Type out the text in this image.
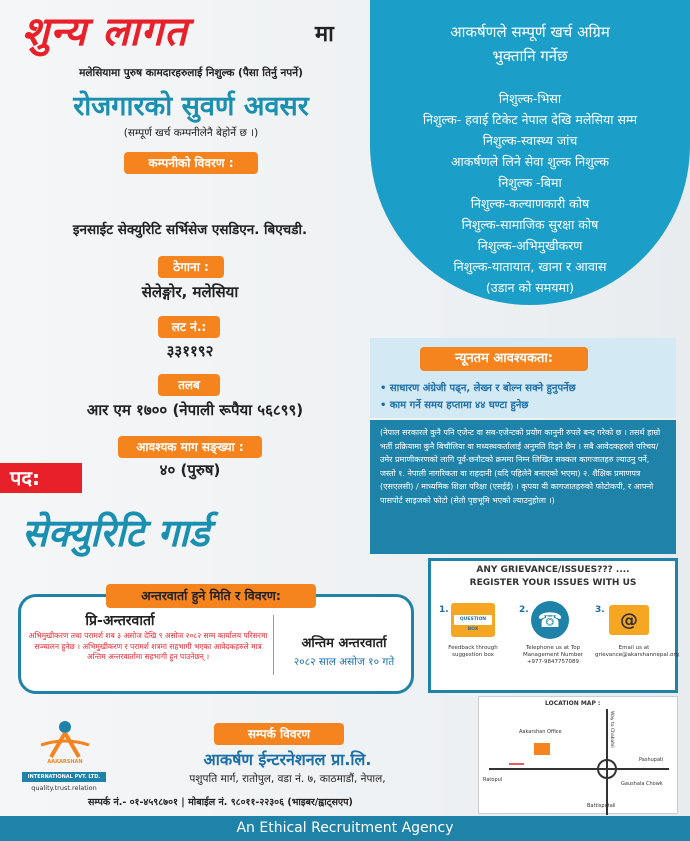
शुन्य लागत	मा
मलेसियामा पुरुष कामदारहरुलाई निशुल्क (पैसा तिर्नु नपर्ने)
रोजगारको सुवर्ण अवसर
(सम्पूर्ण खर्च कम्पनीलेनै बेहोर्ने छ ।)
कम्पनीको विवरण :
इनसाईट सेक्युरिटि सर्भिसेज एसडिएन. बिएचडी.
ठेगाना :
सेलेङ्गोर, मलेसिया
लट नं.:
३३११९२
तलब
आर एम १७०० (नेपाली रूपैया ५६८९९)
आवश्यक माग सङ्ख्या :
४० (पुरुष)
पद:
सेक्युरिटि गार्ड
आकर्षणले सम्पूर्ण खर्च अग्रिम
भुक्तानि गर्नेछ
निशुल्क-भिसा
निशुल्क- हवाई टिकेट नेपाल देखि मलेसिया सम्म
निशुल्क-स्वास्थ्य जांच
आकर्षणले लिने सेवा शुल्क निशुल्क
निशुल्क -बिमा
निशुल्क-कल्याणकारी कोष
निशुल्क-सामाजिक सुरक्षा कोष
निशुल्क-अभिमुखीकरण
निशुल्क-यातायात, खाना र आवास
(उडान को समयमा)
न्यूनतम आवश्यकता:
• साधारण अंग्रेजी पढ्न, लेख्न र बोल्न सक्ने हुनुपर्नेछ
• काम गर्ने समय हप्तामा ४४ घण्टा हुनेछ
(नेपाल सरकारले कुनै पनि एजेन्ट वा सब-एजेन्टको प्रयोग कानुनी रुपले बन्द गरेको छ । तसर्थ हाम्रो भर्ती प्रक्रियामा कुनै बिचौलिया वा मध्यस्थकर्तालाई अनुमति दिइने छैन । सबै आवेदकहरुले परिचय/उमेर प्रमाणीकरणको लागि पूर्व-छनौटको क्रममा निम्न लिखित सक्कल कागजातहरु ल्याउनु पर्ने, जस्तो १. नेपाली नागरिकता वा राहदानी (यदि पहिलेनै बनाएको भएमा) २. शैक्षिक प्रमाणपत्र (एसएलसी) / माध्यमिक शिक्षा परिक्षा (एसईई) । कृपया यी कागजातहरुको फोटोकपी, र आफ्नो पासपोर्ट साइजको फोटो (सेतो पृष्ठभूमि भएको ल्याउनुहोला ।)
ANY GRIEVANCE/ISSUES??? ....
REGISTER YOUR ISSUES WITH US
1.
QUESTION BOX
Feedback through suggestion box
2. ☎
Telephone us at Top Management Number +977-9847757089
3. @
Email us at grievance@akarshannepal.org
प्रि-अन्तरवार्ता
अभिमुखीकरण तथा परामर्श शब ३ असोज देखि ९ असोज २०८२ सम्म कार्यालय परिसरमा सञ्चालन हुनेछ । अभिमुखीकरण र परामर्श शत्रमा सहभागी भएका आवेदकहरुले मात्र अन्तिम अन्तरवार्तामा सहभागी हुन पाउनेछन् ।
अन्तिम अन्तरवार्ता
२०८२ साल असोज १० गते
अन्तरवार्ता हुने मिति र विवरण:
AAKARSHAN
INTERNATIONAL PVT. LTD.
quality.trust.relation
सम्पर्क विवरण
आकर्षण ईन्टरनेशनल प्रा.लि.
पशुपति मार्ग, रातोपुल, वडा नं. ७, काठमाडौं, नेपाल,
सम्पर्क नं.- ०१-४५९८७०१ | मोबाईल नं. ९८०११-२२३०६ (भाइबर/ह्वाट्सएप)
LOCATION MAP :
Aakarshan Office
Ratopul
Way to Chabahil
Pashupati
Gaushala Chowk
Battisputali
An Ethical Recruitment Agency
